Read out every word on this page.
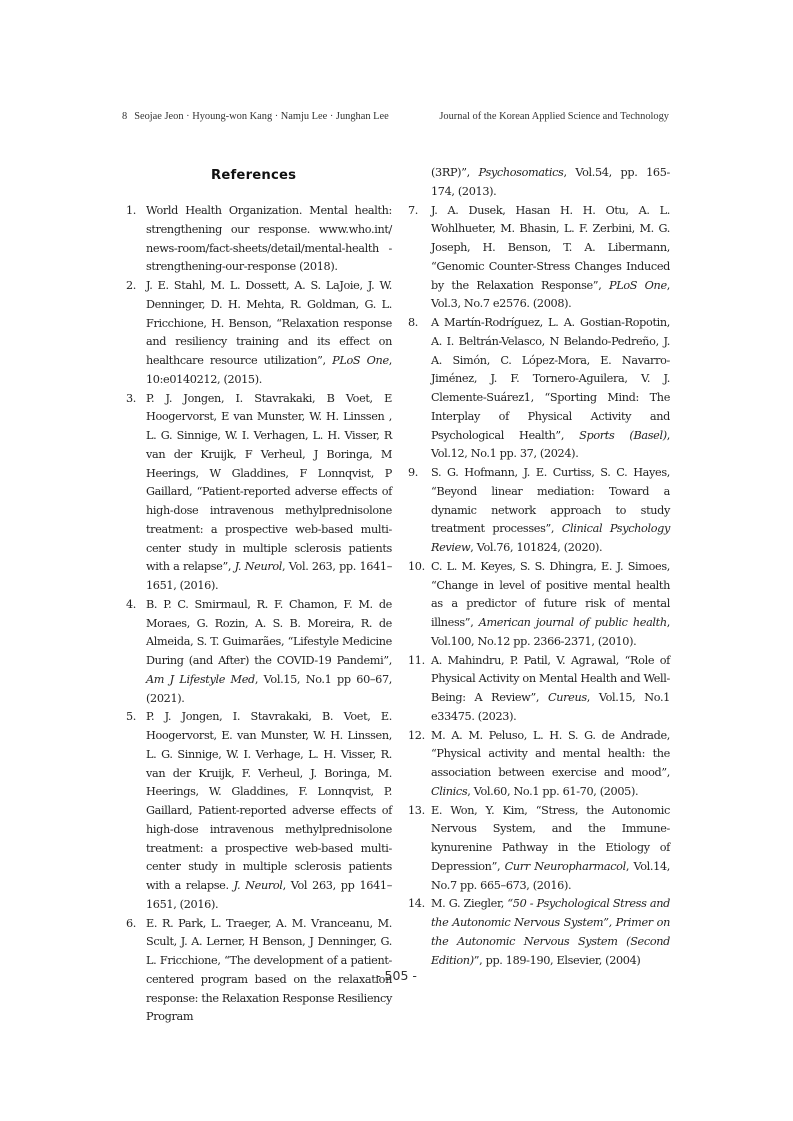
8 Seojae Jeon · Hyoung-won Kang · Namju Lee · Junghan Lee	Journal of the Korean Applied Science and Technology
References
1. World Health Organization. Mental health: strengthening our response. www.who.int/ news-room/fact-sheets/detail/mental-health -strengthening-our-response (2018).
2. J. E. Stahl, M. L. Dossett, A. S. LaJoie, J. W. Denninger, D. H. Mehta, R. Goldman, G. L. Fricchione, H. Benson, “Relaxation response and resiliency training and its effect on healthcare resource utilization”, PLoS One, 10:e0140212, (2015).
3. P. J. Jongen, I. Stavrakaki, B Voet, E Hoogervorst, E van Munster, W. H. Linssen , L. G. Sinnige, W. I. Verhagen, L. H. Visser, R van der Kruijk, F Verheul, J Boringa, M Heerings, W Gladdines, F Lonnqvist, P Gaillard, “Patient-reported adverse effects of high-dose intravenous methylprednisolone treatment: a prospective web-based multi-center study in multiple sclerosis patients with a relapse”, J. Neurol, Vol. 263, pp. 1641–1651, (2016).
4. B. P. C. Smirmaul, R. F. Chamon, F. M. de Moraes, G. Rozin, A. S. B. Moreira, R. de Almeida, S. T. Guimarães, “Lifestyle Medicine During (and After) the COVID-19 Pandemi”, Am J Lifestyle Med, Vol.15, No.1 pp 60–67, (2021).
5. P. J. Jongen, I. Stavrakaki, B. Voet, E. Hoogervorst, E. van Munster, W. H. Linssen, L. G. Sinnige, W. I. Verhage, L. H. Visser, R. van der Kruijk, F. Verheul, J. Boringa, M. Heerings, W. Gladdines, F. Lonnqvist, P. Gaillard, Patient-reported adverse effects of high-dose intravenous methylprednisolone treatment: a prospective web-based multi-center study in multiple sclerosis patients with a relapse. J. Neurol, Vol 263, pp 1641–1651, (2016).
6. E. R. Park, L. Traeger, A. M. Vranceanu, M. Scult, J. A. Lerner, H Benson, J Denninger, G. L. Fricchione, “The development of a patient-centered program based on the relaxation response: the Relaxation Response Resiliency Program
(3RP)”, Psychosomatics, Vol.54, pp. 165-174, (2013).
7. J. A. Dusek, Hasan H. H. Otu, A. L. Wohlhueter, M. Bhasin, L. F. Zerbini, M. G. Joseph, H. Benson, T. A. Libermann, “Genomic Counter-Stress Changes Induced by the Relaxation Response”, PLoS One, Vol.3, No.7 e2576. (2008).
8. A Martín-Rodríguez, L. A. Gostian-Ropotin, A. I. Beltrán-Velasco, N Belando-Pedreño, J. A. Simón, C. López-Mora, E. Navarro-Jiménez, J. F. Tornero-Aguilera, V. J. Clemente-Suárez1, “Sporting Mind: The Interplay of Physical Activity and Psychological Health”, Sports (Basel), Vol.12, No.1 pp. 37, (2024).
9. S. G. Hofmann, J. E. Curtiss, S. C. Hayes, “Beyond linear mediation: Toward a dynamic network approach to study treatment processes”, Clinical Psychology Review, Vol.76, 101824, (2020).
10. C. L. M. Keyes, S. S. Dhingra, E. J. Simoes, “Change in level of positive mental health as a predictor of future risk of mental illness”, American journal of public health, Vol.100, No.12 pp. 2366-2371, (2010).
11. A. Mahindru, P. Patil, V. Agrawal, “Role of Physical Activity on Mental Health and Well-Being: A Review”, Cureus, Vol.15, No.1 e33475. (2023).
12. M. A. M. Peluso, L. H. S. G. de Andrade, “Physical activity and mental health: the association between exercise and mood”, Clinics, Vol.60, No.1 pp. 61-70, (2005).
13. E. Won, Y. Kim, “Stress, the Autonomic Nervous System, and the Immune-kynurenine Pathway in the Etiology of Depression”, Curr Neuropharmacol, Vol.14, No.7 pp. 665–673, (2016).
14. M. G. Ziegler, “50 - Psychological Stress and the Autonomic Nervous System”, Primer on the Autonomic Nervous System (Second Edition)”, pp. 189-190, Elsevier, (2004)
- 505 -
